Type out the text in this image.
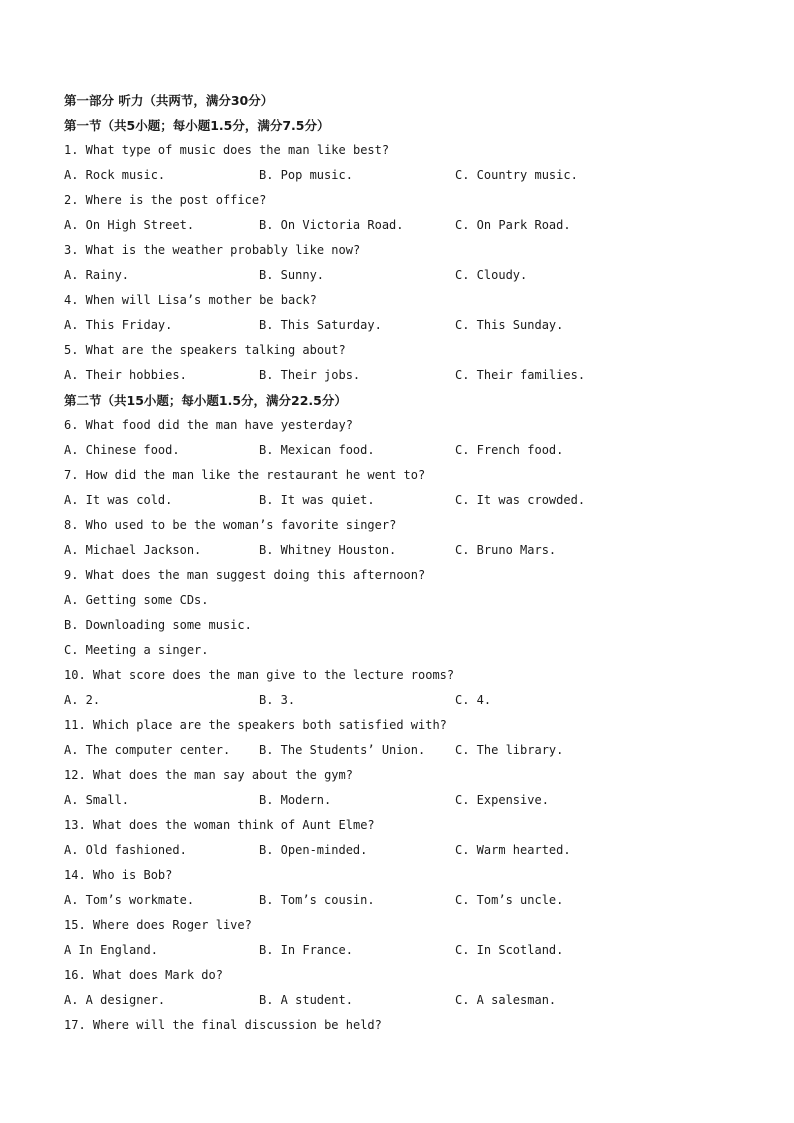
第一部分 听力（共两节，满分30分）
第一节（共5小题；每小题1.5分，满分7.5分）
1. What type of music does the man like best?
A. Rock music.	B. Pop music.	C. Country music.
2. Where is the post office?
A. On High Street.	B. On Victoria Road.	C. On Park Road.
3. What is the weather probably like now?
A. Rainy.	B. Sunny.	C. Cloudy.
4. When will Lisa’s mother be back?
A. This Friday.	B. This Saturday.	C. This Sunday.
5. What are the speakers talking about?
A. Their hobbies.	B. Their jobs.	C. Their families.
第二节（共15小题；每小题1.5分，满分22.5分）
6. What food did the man have yesterday?
A. Chinese food.	B. Mexican food.	C. French food.
7. How did the man like the restaurant he went to?
A. It was cold.	B. It was quiet.	C. It was crowded.
8. Who used to be the woman’s favorite singer?
A. Michael Jackson.	B. Whitney Houston.	C. Bruno Mars.
9. What does the man suggest doing this afternoon?
A. Getting some CDs.
B. Downloading some music.
C. Meeting a singer.
10. What score does the man give to the lecture rooms?
A. 2.	B. 3.	C. 4.
11. Which place are the speakers both satisfied with?
A. The computer center. B. The Students’ Union. C. The library.
12. What does the man say about the gym?
A. Small.	B. Modern.	C. Expensive.
13. What does the woman think of Aunt Elme?
A. Old fashioned.	B. Open-minded.	C. Warm hearted.
14. Who is Bob?
A. Tom’s workmate.	B. Tom’s cousin.	C. Tom’s uncle.
15. Where does Roger live?
A In England.	B. In France.	C. In Scotland.
16. What does Mark do?
A. A designer.	B. A student.	C. A salesman.
17. Where will the final discussion be held?
